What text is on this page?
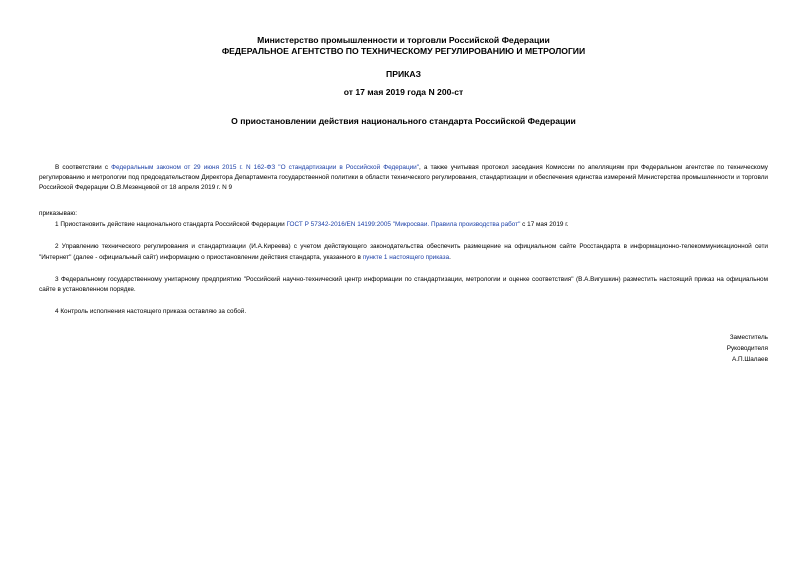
Министерство промышленности и торговли Российской Федерации
ФЕДЕРАЛЬНОЕ АГЕНТСТВО ПО ТЕХНИЧЕСКОМУ РЕГУЛИРОВАНИЮ И МЕТРОЛОГИИ
ПРИКАЗ
от 17 мая 2019 года N 200-ст
О приостановлении действия национального стандарта Российской Федерации

В соответствии с Федеральным законом от 29 июня 2015 г. N 162-ФЗ "О стандартизации в Российской Федерации", а также учитывая протокол заседания Комиссии по апелляциям при Федеральном агентстве по техническому регулированию и метрологии под председательством Директора Департамента государственной политики в области технического регулирования, стандартизации и обеспечения единства измерений Министерства промышленности и торговли Российской Федерации О.В.Мезенцевой от 18 апреля 2019 г. N 9

приказываю:

1 Приостановить действие национального стандарта Российской Федерации ГОСТ Р 57342-2016/EN 14199:2005 "Микросваи. Правила производства работ" с 17 мая 2019 г.

2 Управлению технического регулирования и стандартизации (И.А.Киреева) с учетом действующего законодательства обеспечить размещение на официальном сайте Росстандарта в информационно-телекоммуникационной сети "Интернет" (далее - официальный сайт) информацию о приостановлении действия стандарта, указанного в пункте 1 настоящего приказа.

3 Федеральному государственному унитарному предприятию "Российский научно-технический центр информации по стандартизации, метрологии и оценке соответствия" (В.А.Вигушкин) разместить настоящий приказ на официальном сайте в установленном порядке.

4 Контроль исполнения настоящего приказа оставляю за собой.

Заместитель
Руководителя
А.П.Шалаев
